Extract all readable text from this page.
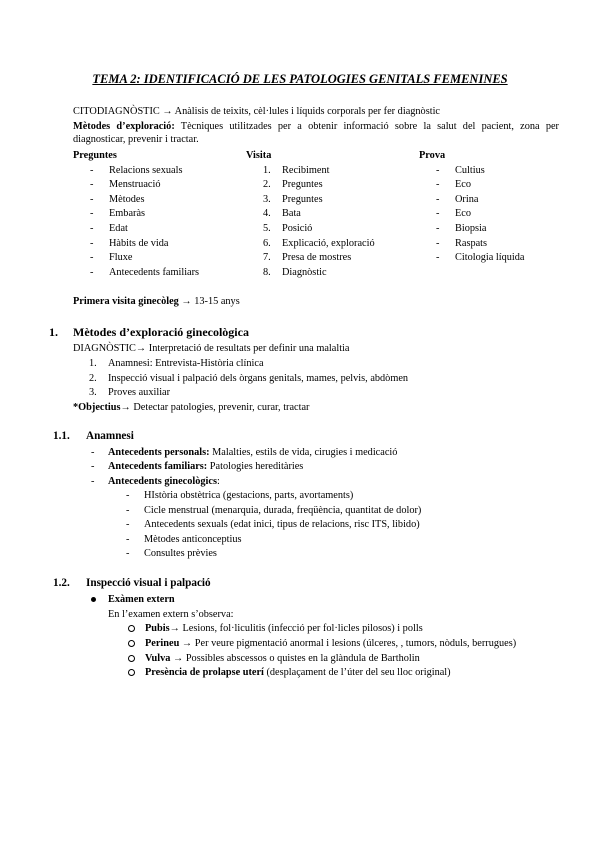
TEMA 2: IDENTIFICACIÓ DE LES PATOLOGIES GENITALS FEMENINES
CITODIAGNÒSTIC → Anàlisis de teixits, cèl·lules i líquids corporals per fer diagnòstic
Mètodes d’exploració: Tècniques utilitzades per a obtenir informació sobre la salut del pacient, zona per diagnosticar, prevenir i tractar.
Preguntes
- Relacions sexuals
- Menstruació
- Mètodes
- Embaràs
- Edat
- Hàbits de vida
- Fluxe
- Antecedents familiars
Visita
1. Recibiment
2. Preguntes
3. Preguntes
4. Bata
5. Posició
6. Explicació, exploració
7. Presa de mostres
8. Diagnòstic
Prova
- Cultius
- Eco
- Orina
- Eco
- Biopsia
- Raspats
- Citologia líquida
Primera visita ginecòleg → 13-15 anys
1. Mètodes d’exploració ginecològica
DIAGNÒSTIC→ Interpretació de resultats per definir una malaltia
1. Anamnesi: Entrevista-Història clínica
2. Inspecció visual i palpació dels òrgans genitals, mames, pelvis, abdòmen
3. Proves auxiliar
*Objectius→ Detectar patologies, prevenir, curar, tractar
1.1. Anamnesi
- Antecedents personals: Malalties, estils de vida, cirugies i medicació
- Antecedents familiars: Patologies hereditàries
- Antecedents ginecològics:
- HIstòria obstètrica (gestacions, parts, avortaments)
- Cicle menstrual (menarquia, durada, freqüència, quantitat de dolor)
- Antecedents sexuals (edat inici, tipus de relacions, risc ITS, libido)
- Mètodes anticonceptius
- Consultes prèvies
1.2. Inspecció visual i palpació
Exàmen extern
En l’examen extern s’observa:
Pubis→ Lesions, fol·liculitis (infecció per fol·licles pilosos) i polls
Perineu → Per veure pigmentació anormal i lesions (úlceres, , tumors, nòduls, berrugues)
Vulva → Possibles abscessos o quistes en la glàndula de Bartholin
Presència de prolapse uterí (desplaçament de l’úter del seu lloc original)
